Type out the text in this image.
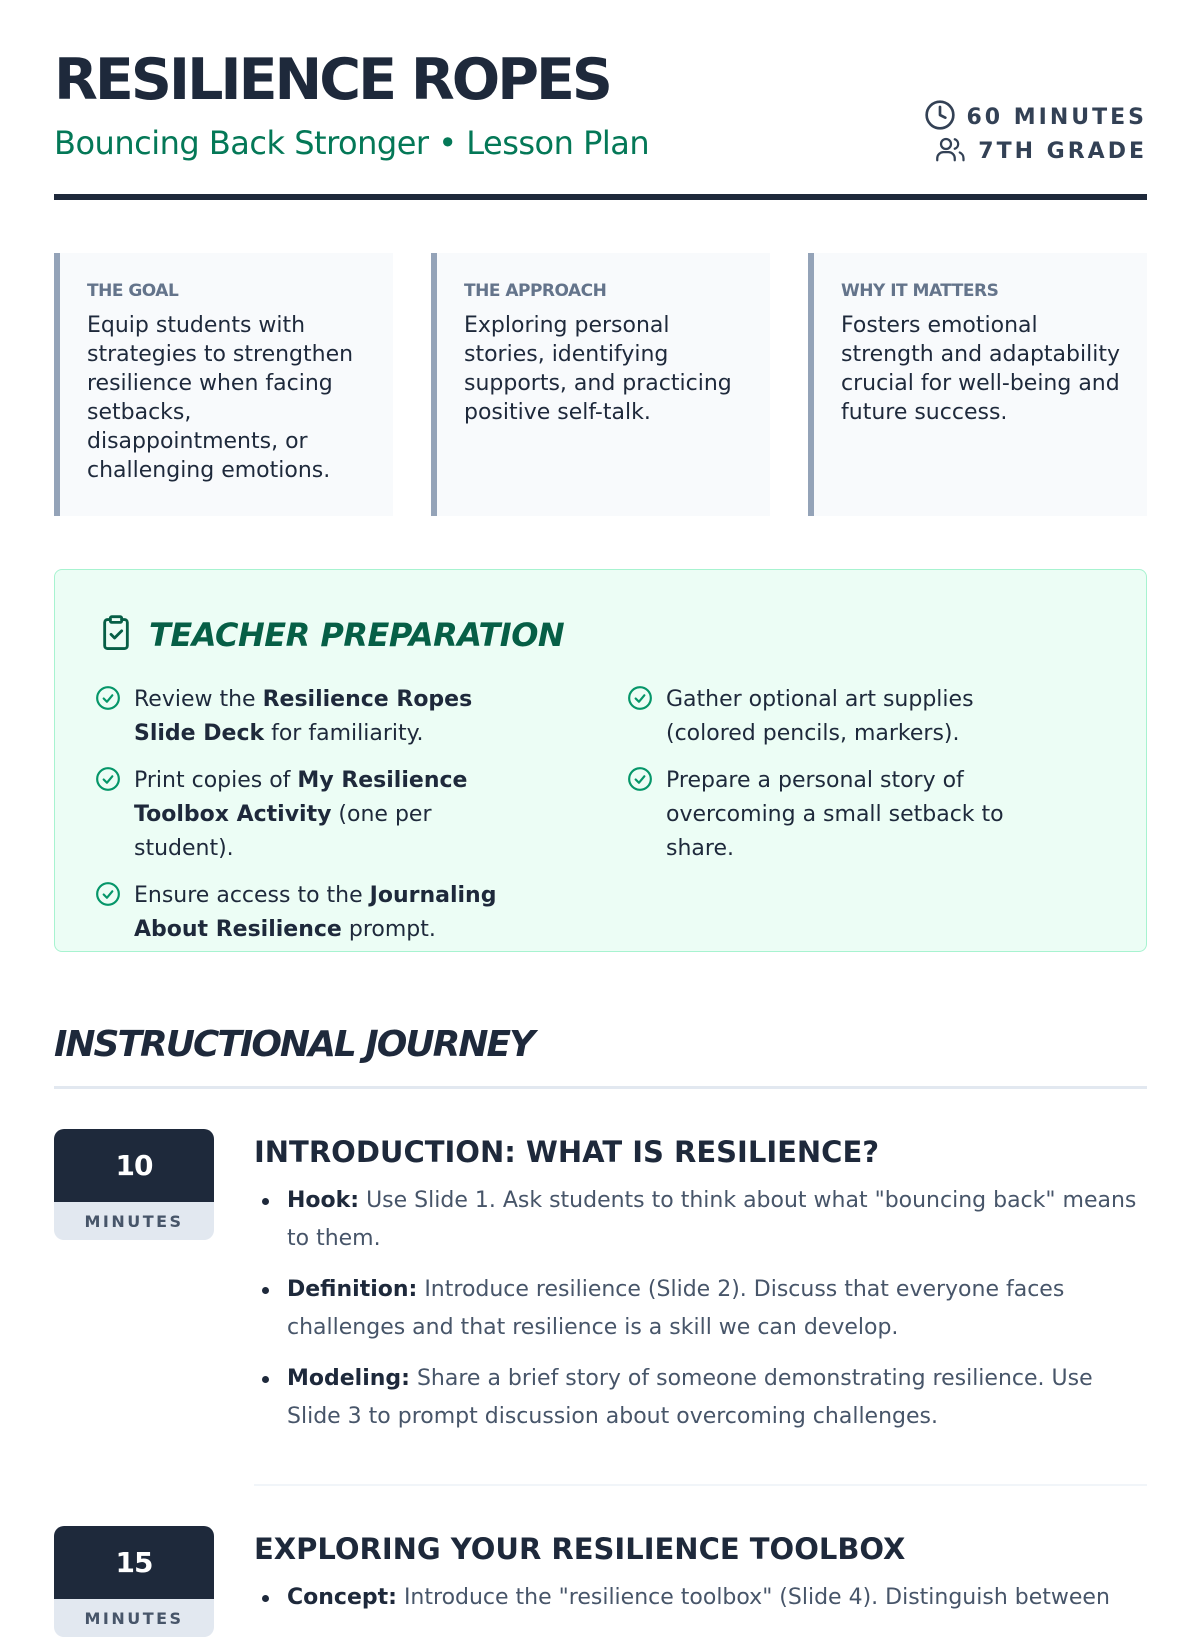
RESILIENCE ROPES
Bouncing Back Stronger • Lesson Plan
60 MINUTES
7TH GRADE
THE GOAL
Equip students with strategies to strengthen resilience when facing setbacks, disappointments, or challenging emotions.
THE APPROACH
Exploring personal stories, identifying supports, and practicing positive self-talk.
WHY IT MATTERS
Fosters emotional strength and adaptability crucial for well-being and future success.
TEACHER PREPARATION
Review the Resilience Ropes Slide Deck for familiarity.
Print copies of My Resilience Toolbox Activity (one per student).
Ensure access to the Journaling About Resilience prompt.
Gather optional art supplies (colored pencils, markers).
Prepare a personal story of overcoming a small setback to share.
INSTRUCTIONAL JOURNEY
10
MINUTES
INTRODUCTION: WHAT IS RESILIENCE?
Hook: Use Slide 1. Ask students to think about what "bouncing back" means to them.
Definition: Introduce resilience (Slide 2). Discuss that everyone faces challenges and that resilience is a skill we can develop.
Modeling: Share a brief story of someone demonstrating resilience. Use Slide 3 to prompt discussion about overcoming challenges.
15
MINUTES
EXPLORING YOUR RESILIENCE TOOLBOX
Concept: Introduce the "resilience toolbox" (Slide 4). Distinguish between
